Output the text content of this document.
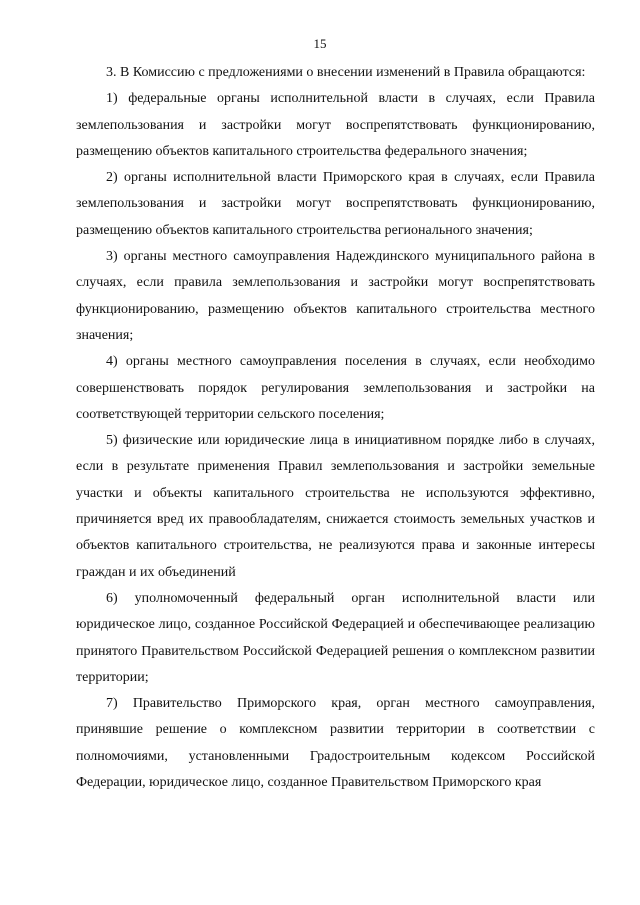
15

3. В Комиссию с предложениями о внесении изменений в Правила обращаются:

1) федеральные органы исполнительной власти в случаях, если Правила землепользования и застройки могут воспрепятствовать функционированию, размещению объектов капитального строительства федерального значения;

2) органы исполнительной власти Приморского края в случаях, если Правила землепользования и застройки могут воспрепятствовать функционированию, размещению объектов капитального строительства регионального значения;

3) органы местного самоуправления Надеждинского муниципального района в случаях, если правила землепользования и застройки могут воспрепятствовать функционированию, размещению объектов капитального строительства местного значения;

4) органы местного самоуправления поселения в случаях, если необходимо совершенствовать порядок регулирования землепользования и застройки на соответствующей территории сельского поселения;

5) физические или юридические лица в инициативном порядке либо в случаях, если в результате применения Правил землепользования и застройки земельные участки и объекты капитального строительства не используются эффективно, причиняется вред их правообладателям, снижается стоимость земельных участков и объектов капитального строительства, не реализуются права и законные интересы граждан и их объединений

6) уполномоченный федеральный орган исполнительной власти или юридическое лицо, созданное Российской Федерацией и обеспечивающее реализацию принятого Правительством Российской Федерацией решения о комплексном развитии территории;

7) Правительство Приморского края, орган местного самоуправления, принявшие решение о комплексном развитии территории в соответствии с полномочиями, установленными Градостроительным кодексом Российской Федерации, юридическое лицо, созданное Правительством Приморского края
